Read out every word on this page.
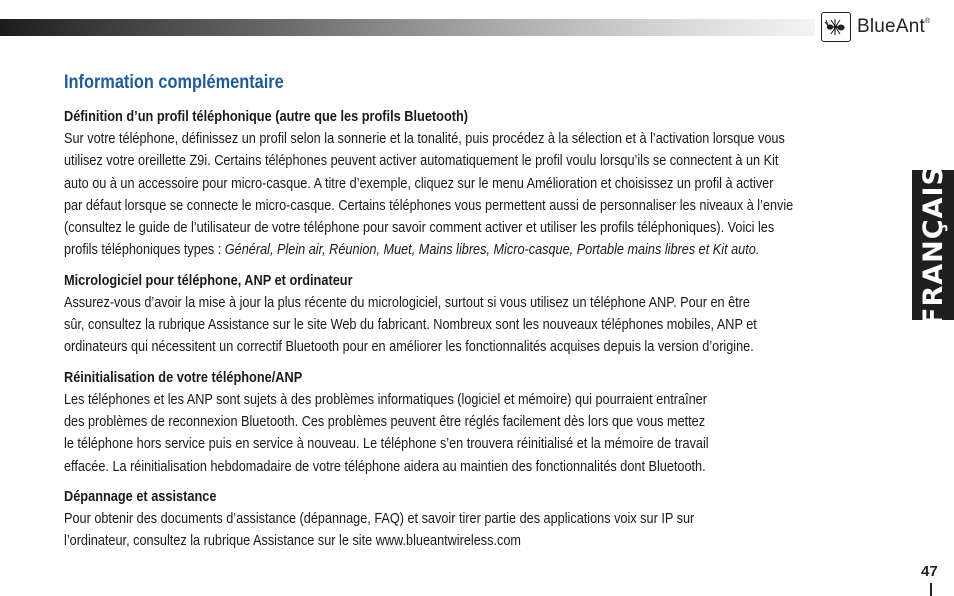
BlueAnt®
FRANÇAIS
Information complémentaire
Définition d’un profil téléphonique (autre que les profils Bluetooth)
Sur votre téléphone, définissez un profil selon la sonnerie et la tonalité, puis procédez à la sélection et à l’activation lorsque vous
utilisez votre oreillette Z9i. Certains téléphones peuvent activer automatiquement le profil voulu lorsqu’ils se connectent à un Kit
auto ou à un accessoire pour micro-casque. A titre d’exemple, cliquez sur le menu Amélioration et choisissez un profil à activer
par défaut lorsque se connecte le micro-casque. Certains téléphones vous permettent aussi de personnaliser les niveaux à l’envie
(consultez le guide de l’utilisateur de votre téléphone pour savoir comment activer et utiliser les profils téléphoniques). Voici les
profils téléphoniques types : Général, Plein air, Réunion, Muet, Mains libres, Micro-casque, Portable mains libres et Kit auto.
Micrologiciel pour téléphone, ANP et ordinateur
Assurez-vous d’avoir la mise à jour la plus récente du micrologiciel, surtout si vous utilisez un téléphone ANP. Pour en être
sûr, consultez la rubrique Assistance sur le site Web du fabricant. Nombreux sont les nouveaux téléphones mobiles, ANP et
ordinateurs qui nécessitent un correctif Bluetooth pour en améliorer les fonctionnalités acquises depuis la version d’origine.
Réinitialisation de votre téléphone/ANP
Les téléphones et les ANP sont sujets à des problèmes informatiques (logiciel et mémoire) qui pourraient entraîner
des problèmes de reconnexion Bluetooth. Ces problèmes peuvent être réglés facilement dès lors que vous mettez
le téléphone hors service puis en service à nouveau. Le téléphone s’en trouvera réinitialisé et la mémoire de travail
effacée. La réinitialisation hebdomadaire de votre téléphone aidera au maintien des fonctionnalités dont Bluetooth.
Dépannage et assistance
Pour obtenir des documents d’assistance (dépannage, FAQ) et savoir tirer partie des applications voix sur IP sur
l’ordinateur, consultez la rubrique Assistance sur le site www.blueantwireless.com
47
